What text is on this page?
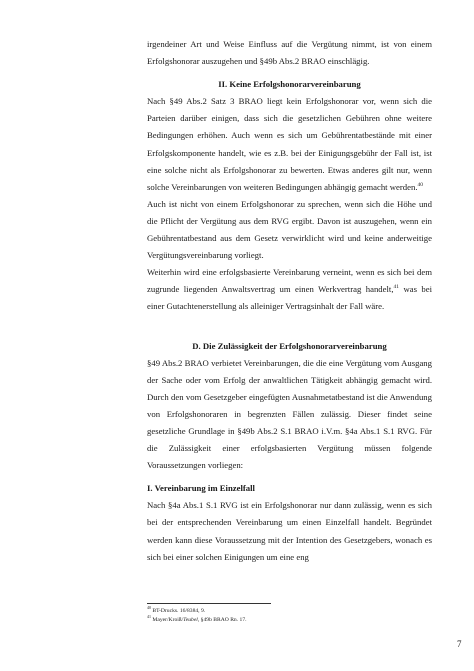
irgendeiner Art und Weise Einfluss auf die Vergütung nimmt, ist von einem Erfolgshonorar auszugehen und §49b Abs.2 BRAO einschlägig.

II. Keine Erfolgshonorarvereinbarung

Nach §49 Abs.2 Satz 3 BRAO liegt kein Erfolgshonorar vor, wenn sich die Parteien darüber einigen, dass sich die gesetzlichen Gebühren ohne weitere Bedingungen erhöhen. Auch wenn es sich um Gebührentatbestände mit einer Erfolgskomponente handelt, wie es z.B. bei der Einigungsgebühr der Fall ist, ist eine solche nicht als Erfolgshonorar zu bewerten. Etwas anderes gilt nur, wenn solche Vereinbarungen von weiteren Bedingungen abhängig gemacht werden.$^{40}$

Auch ist nicht von einem Erfolgshonorar zu sprechen, wenn sich die Höhe und die Pflicht der Vergütung aus dem RVG ergibt. Davon ist auszugehen, wenn ein Gebührentatbestand aus dem Gesetz verwirklicht wird und keine anderweitige Vergütungsvereinbarung vorliegt.

Weiterhin wird eine erfolgsbasierte Vereinbarung verneint, wenn es sich bei dem zugrunde liegenden Anwaltsvertrag um einen Werkvertrag handelt,$^{41}$ was bei einer Gutachtenerstellung als alleiniger Vertragsinhalt der Fall wäre.

D. Die Zulässigkeit der Erfolgshonorarvereinbarung

§49 Abs.2 BRAO verbietet Vereinbarungen, die die eine Vergütung vom Ausgang der Sache oder vom Erfolg der anwaltlichen Tätigkeit abhängig gemacht wird. Durch den vom Gesetzgeber eingefügten Ausnahmetatbestand ist die Anwendung von Erfolgshonoraren in begrenzten Fällen zulässig. Dieser findet seine gesetzliche Grundlage in §49b Abs.2 S.1 BRAO i.V.m. §4a Abs.1 S.1 RVG. Für die Zulässigkeit einer erfolgsbasierten Vergütung müssen folgende Voraussetzungen vorliegen:

I. Vereinbarung im Einzelfall

Nach §4a Abs.1 S.1 RVG ist ein Erfolgshonorar nur dann zulässig, wenn es sich bei der entsprechenden Vereinbarung um einen Einzelfall handelt. Begründet werden kann diese Voraussetzung mit der Intention des Gesetzgebers, wonach es sich bei einer solchen Einigungen um eine eng

$^{40}$ BT-Drucks. 16/8384, 9.

$^{41}$ Mayer/Kroiß/Teubel, §49b BRAO Rn. 17.

7
